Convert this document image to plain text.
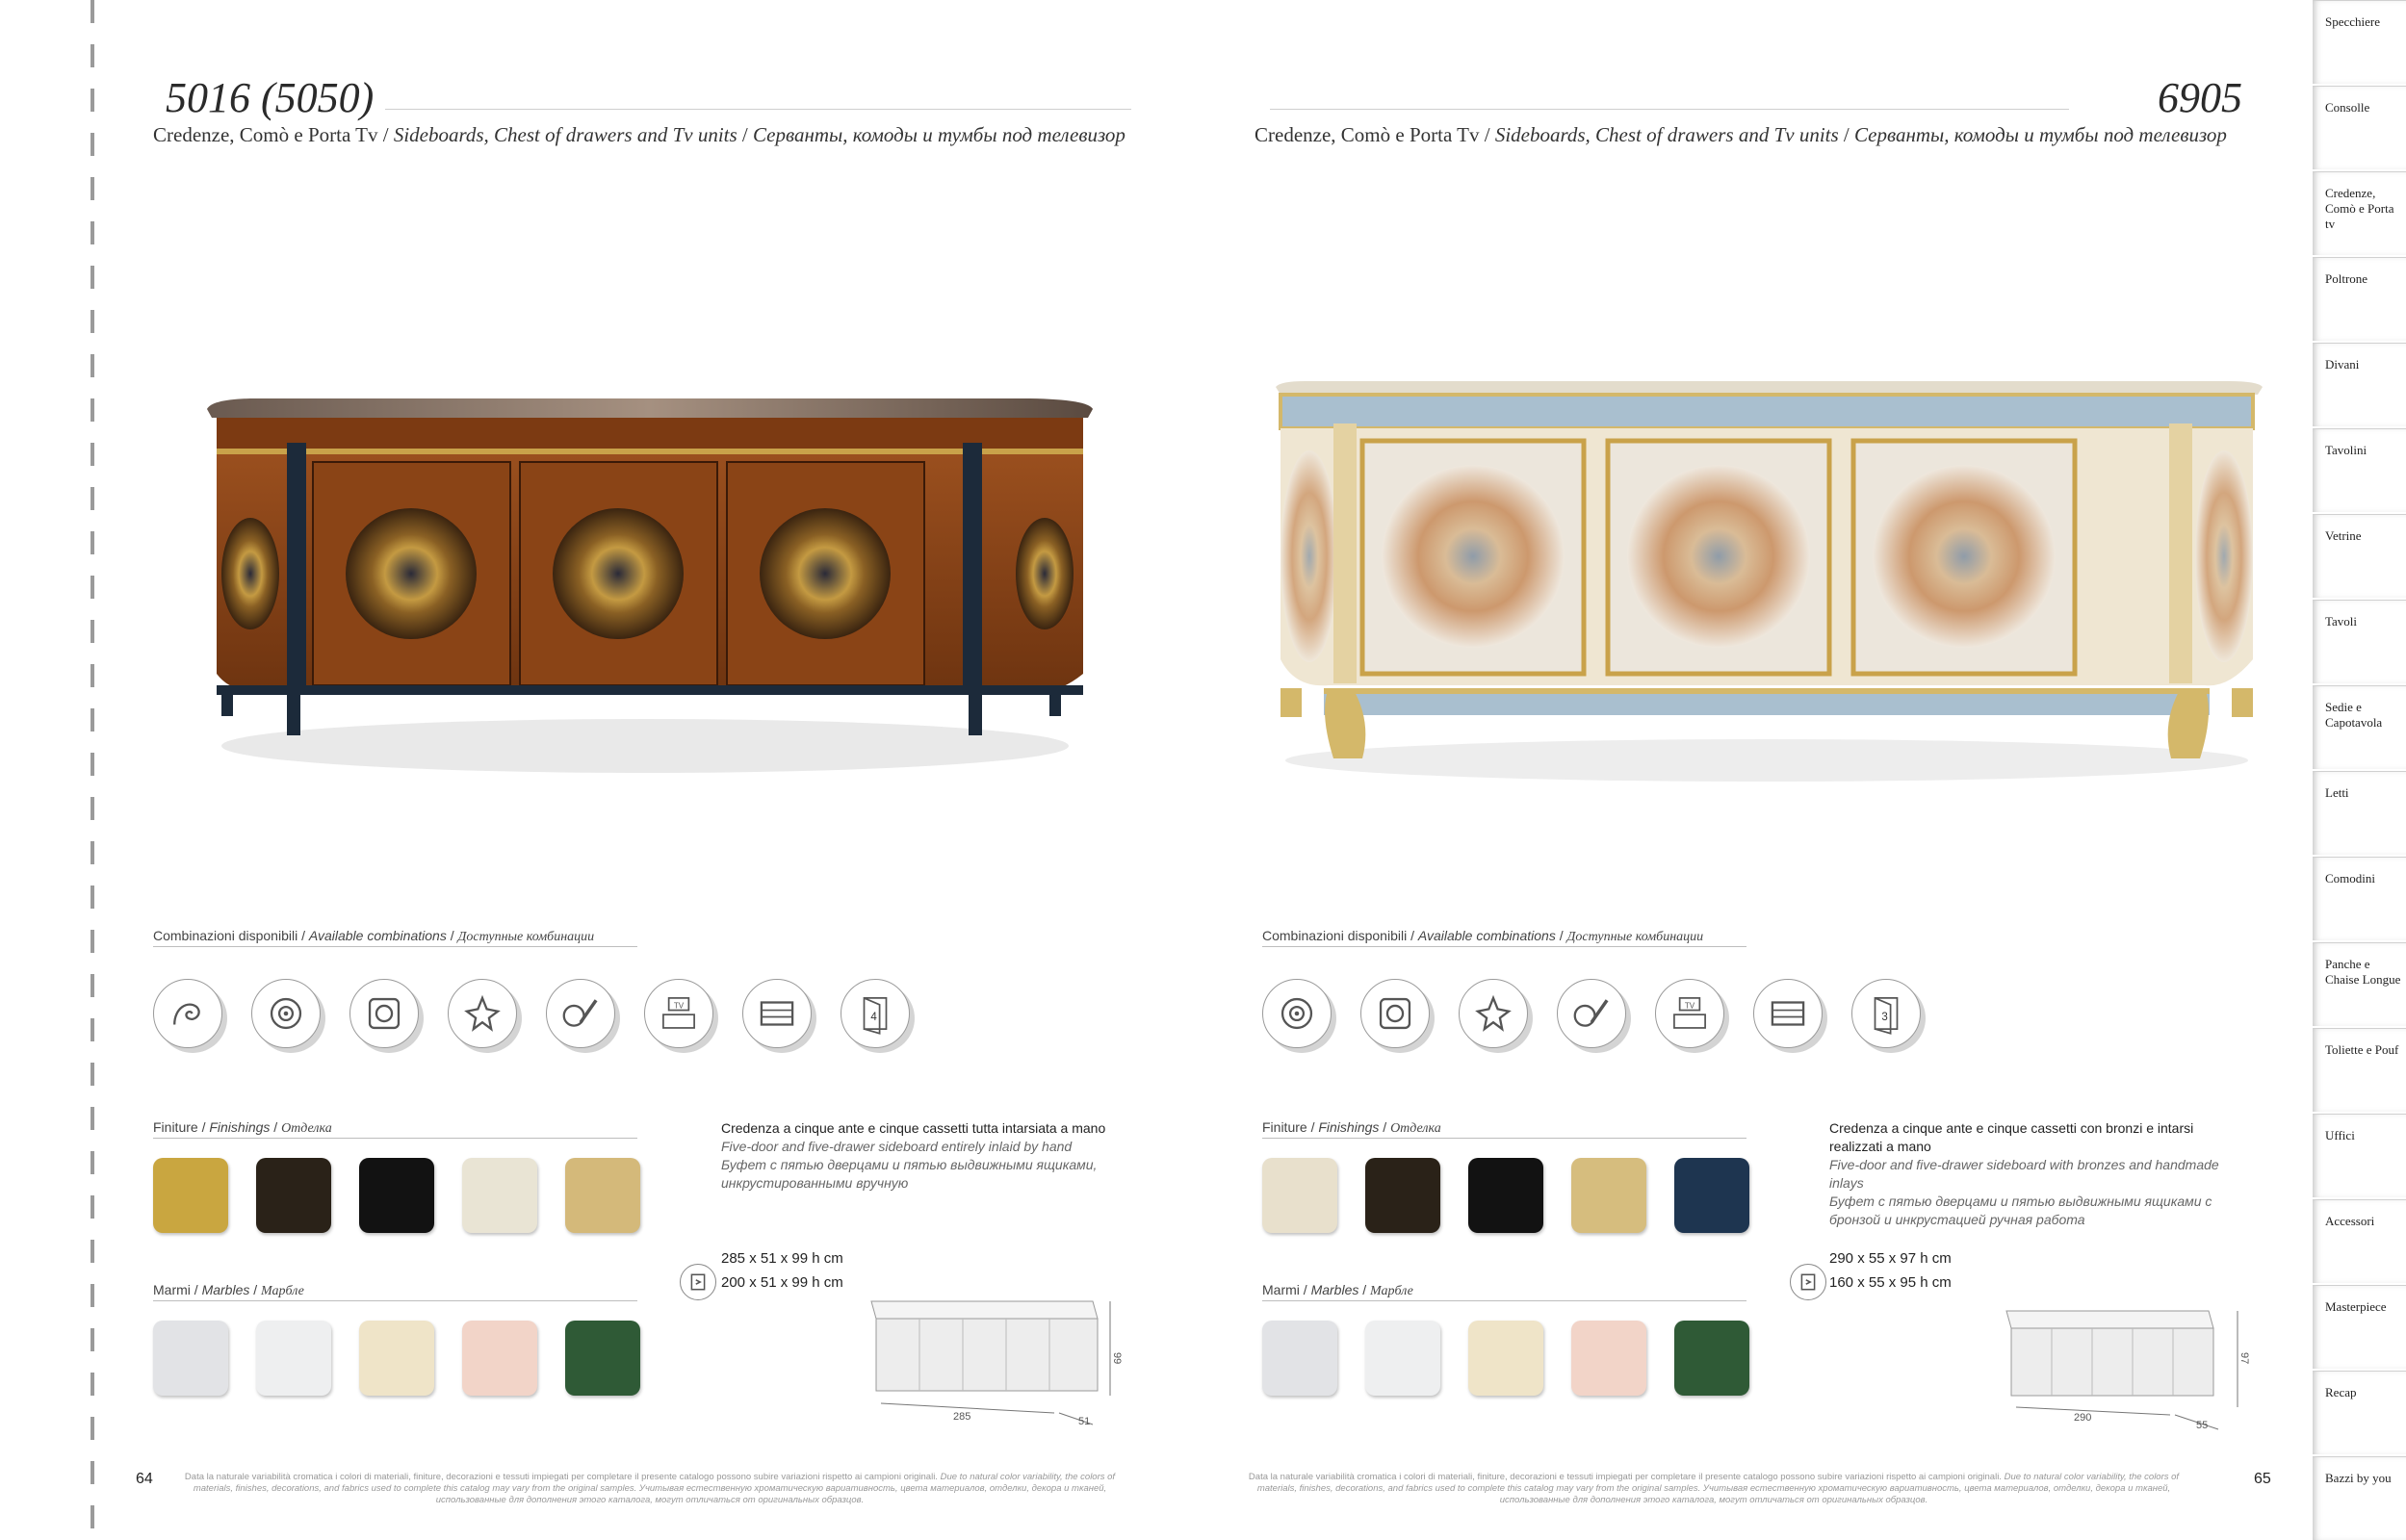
5016 (5050)
Credenze, Comò e Porta Tv / Sideboards, Chest of drawers and Tv units / Серванты, комоды и тумбы под телевизор
Combinazioni disponibili / Available combinations / Доступные комбинации
TV
4
Finiture / Finishings / Отделка
Marmi / Marbles / Марбле
Credenza a cinque ante e cinque cassetti tutta intarsiata a mano
Five-door and five-drawer sideboard entirely inlaid by hand
Буфет с пятью дверцами и пятью выдвижными ящиками, инкрустированными вручную
285 x 51 x 99 h cm
200 x 51 x 99 h cm
99
285	51
64	Data la naturale variabilità cromatica i colori di materiali, finiture, decorazioni e tessuti impiegati per completare il presente catalogo possono subire variazioni rispetto ai campioni originali. Due to natural color variability, the colors of materials, finishes, decorations, and fabrics used to complete this catalog may vary from the original samples. Учитывая естественную хроматическую вариативность, цвета материалов, отделки, декора и тканей, использованные для дополнения этого каталога, могут отличаться от оригинальных образцов.
6905
Credenze, Comò e Porta Tv / Sideboards, Chest of drawers and Tv units / Серванты, комоды и тумбы под телевизор
Combinazioni disponibili / Available combinations / Доступные комбинации
TV
3
Finiture / Finishings / Отделка
Marmi / Marbles / Марбле
Credenza a cinque ante e cinque cassetti con bronzi e intarsi realizzati a mano
Five-door and five-drawer sideboard with bronzes and handmade inlays
Буфет с пятью дверцами и пятью выдвижными ящиками с бронзой и инкрустацией ручная работа
290 x 55 x 97 h cm
160 x 55 x 95 h cm
97
290
55
Data la naturale variabilità cromatica i colori di materiali, finiture, decorazioni e tessuti impiegati per completare il presente catalogo possono subire variazioni rispetto ai campioni originali. Due to natural color variability, the colors of materials, finishes, decorations, and fabrics used to complete this catalog may vary from the original samples. Учитывая естественную хроматическую вариативность, цвета материалов, отделки, декора и тканей, использованные для дополнения этого каталога, могут отличаться от оригинальных образцов.
65
Specchiere
Consolle
Credenze, Comò e Porta tv
Poltrone
Divani
Tavolini
Vetrine
Tavoli
Sedie e Capotavola
Letti
Comodini
Panche e Chaise Longue
Toliette e Pouf
Uffici
Accessori
Masterpiece
Recap
Bazzi by you
